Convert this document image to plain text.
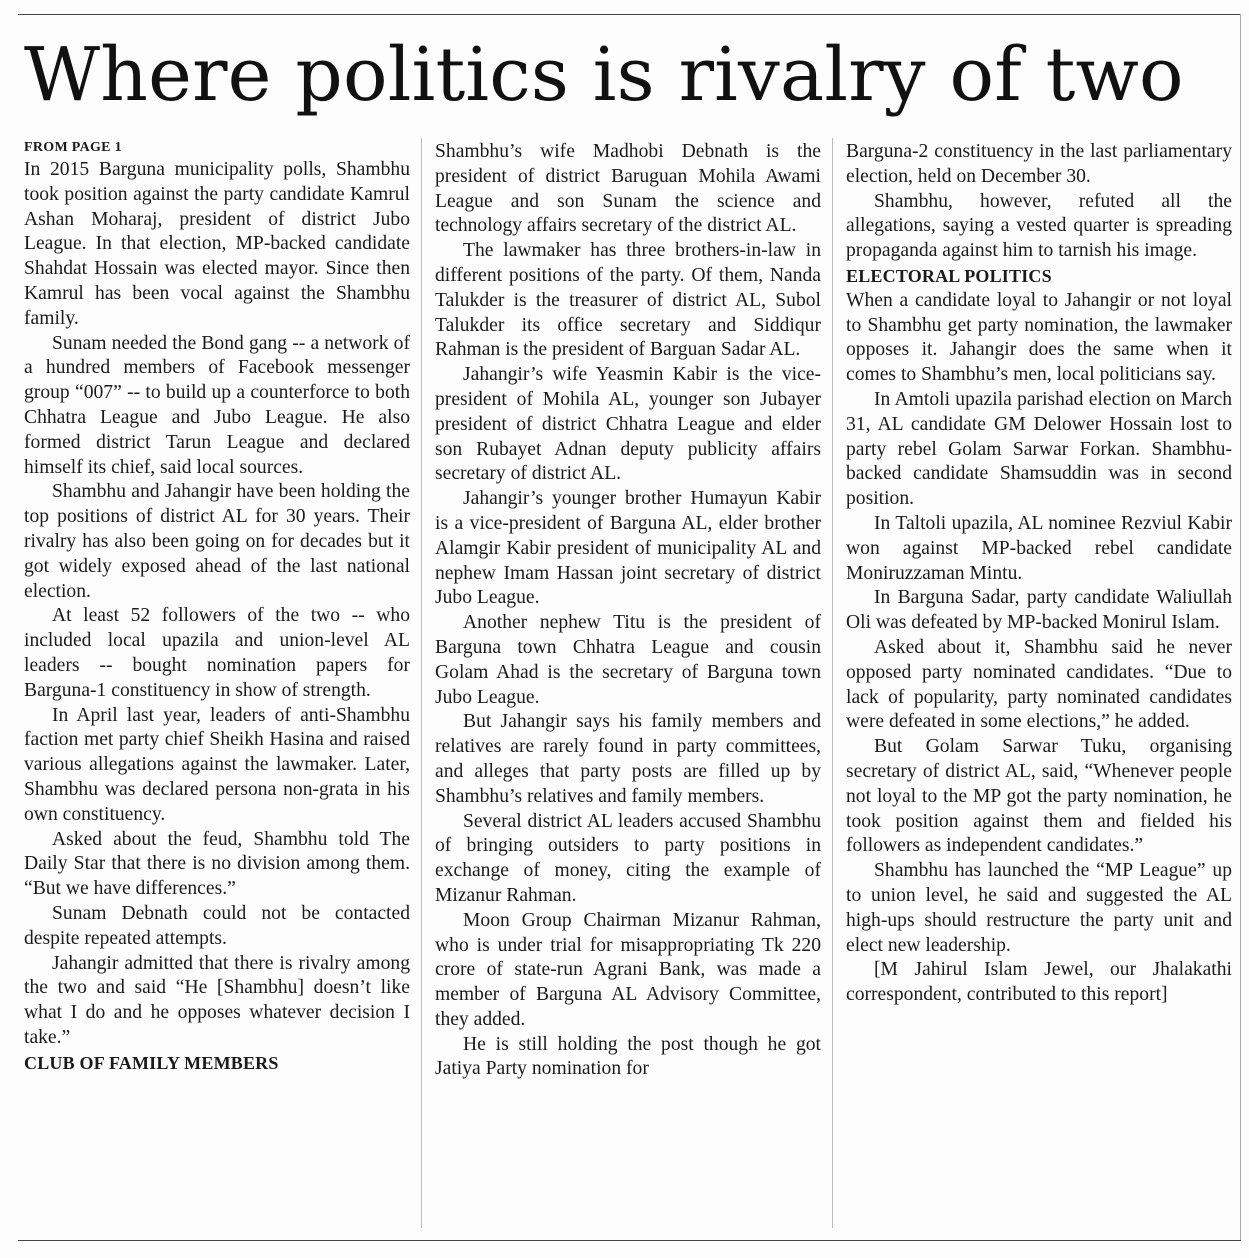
Where politics is rivalry of two

FROM PAGE 1

In 2015 Barguna municipality polls, Shambhu took position against the party candidate Kamrul Ashan Moharaj, president of district Jubo League. In that election, MP-backed candidate Shahdat Hossain was elected mayor. Since then Kamrul has been vocal against the Shambhu family.

Sunam needed the Bond gang -- a network of a hundred members of Facebook messenger group “007” -- to build up a counterforce to both Chhatra League and Jubo League. He also formed district Tarun League and declared himself its chief, said local sources.

Shambhu and Jahangir have been holding the top positions of district AL for 30 years. Their rivalry has also been going on for decades but it got widely exposed ahead of the last national election.

At least 52 followers of the two -- who included local upazila and union-level AL leaders -- bought nomination papers for Barguna-1 constituency in show of strength.

In April last year, leaders of anti-Shambhu faction met party chief Sheikh Hasina and raised various allegations against the lawmaker. Later, Shambhu was declared persona non-grata in his own constituency.

Asked about the feud, Shambhu told The Daily Star that there is no division among them. “But we have differences.”

Sunam Debnath could not be contacted despite repeated attempts.

Jahangir admitted that there is rivalry among the two and said “He [Shambhu] doesn’t like what I do and he opposes whatever decision I take.”

CLUB OF FAMILY MEMBERS

Shambhu’s wife Madhobi Debnath is the president of district Baruguan Mohila Awami League and son Sunam the science and technology affairs secretary of the district AL.

The lawmaker has three brothers-in-law in different positions of the party. Of them, Nanda Talukder is the treasurer of district AL, Subol Talukder its office secretary and Siddiqur Rahman is the president of Barguan Sadar AL.

Jahangir’s wife Yeasmin Kabir is the vice-president of Mohila AL, younger son Jubayer president of district Chhatra League and elder son Rubayet Adnan deputy publicity affairs secretary of district AL.

Jahangir’s younger brother Humayun Kabir is a vice-president of Barguna AL, elder brother Alamgir Kabir president of municipality AL and nephew Imam Hassan joint secretary of district Jubo League.

Another nephew Titu is the president of Barguna town Chhatra League and cousin Golam Ahad is the secretary of Barguna town Jubo League.

But Jahangir says his family members and relatives are rarely found in party committees, and alleges that party posts are filled up by Shambhu’s relatives and family members.

Several district AL leaders accused Shambhu of bringing outsiders to party positions in exchange of money, citing the example of Mizanur Rahman.

Moon Group Chairman Mizanur Rahman, who is under trial for misappropriating Tk 220 crore of state-run Agrani Bank, was made a member of Barguna AL Advisory Committee, they added.

He is still holding the post though he got Jatiya Party nomination for

Barguna-2 constituency in the last parliamentary election, held on December 30.

Shambhu, however, refuted all the allegations, saying a vested quarter is spreading propaganda against him to tarnish his image.

ELECTORAL POLITICS

When a candidate loyal to Jahangir or not loyal to Shambhu get party nomination, the lawmaker opposes it. Jahangir does the same when it comes to Shambhu’s men, local politicians say.

In Amtoli upazila parishad election on March 31, AL candidate GM Delower Hossain lost to party rebel Golam Sarwar Forkan. Shambhu-backed candidate Shamsuddin was in second position.

In Taltoli upazila, AL nominee Rezviul Kabir won against MP-backed rebel candidate Moniruzzaman Mintu.

In Barguna Sadar, party candidate Waliullah Oli was defeated by MP-backed Monirul Islam.

Asked about it, Shambhu said he never opposed party nominated candidates. “Due to lack of popularity, party nominated candidates were defeated in some elections,” he added.

But Golam Sarwar Tuku, organising secretary of district AL, said, “Whenever people not loyal to the MP got the party nomination, he took position against them and fielded his followers as independent candidates.”

Shambhu has launched the “MP League” up to union level, he said and suggested the AL high-ups should restructure the party unit and elect new leadership.

[M Jahirul Islam Jewel, our Jhalakathi correspondent, contributed to this report]
